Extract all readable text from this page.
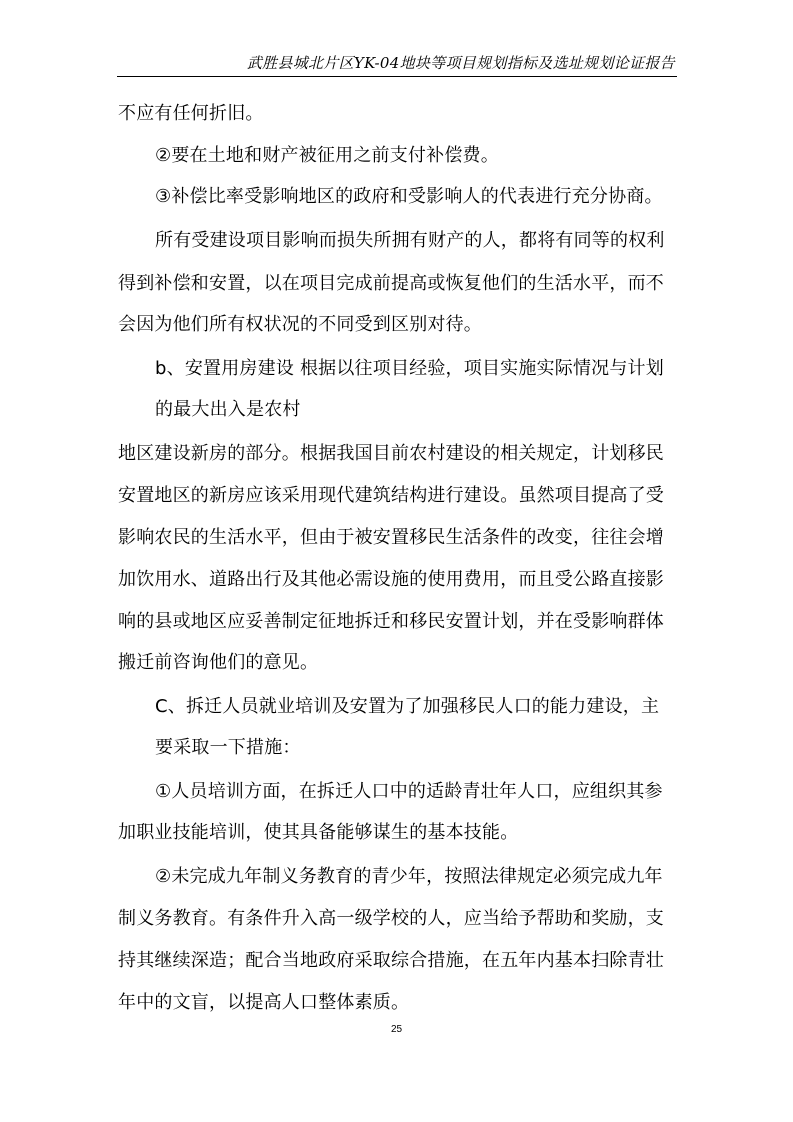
武胜县城北片区YK-04地块等项目规划指标及选址规划论证报告
不应有任何折旧。
②要在土地和财产被征用之前支付补偿费。
③补偿比率受影响地区的政府和受影响人的代表进行充分协商。
所有受建设项目影响而损失所拥有财产的人，都将有同等的权利
得到补偿和安置，以在项目完成前提高或恢复他们的生活水平，而不
会因为他们所有权状况的不同受到区别对待。
b、安置用房建设 根据以往项目经验，项目实施实际情况与计划
的最大出入是农村
地区建设新房的部分。根据我国目前农村建设的相关规定，计划移民
安置地区的新房应该采用现代建筑结构进行建设。虽然项目提高了受
影响农民的生活水平，但由于被安置移民生活条件的改变，往往会增
加饮用水、道路出行及其他必需设施的使用费用，而且受公路直接影
响的县或地区应妥善制定征地拆迁和移民安置计划，并在受影响群体
搬迁前咨询他们的意见。
C、拆迁人员就业培训及安置为了加强移民人口的能力建设，主
要采取一下措施：
①人员培训方面，在拆迁人口中的适龄青壮年人口，应组织其参
加职业技能培训，使其具备能够谋生的基本技能。
②未完成九年制义务教育的青少年，按照法律规定必须完成九年
制义务教育。有条件升入高一级学校的人，应当给予帮助和奖励，支
持其继续深造；配合当地政府采取综合措施，在五年内基本扫除青壮
年中的文盲，以提高人口整体素质。
25
